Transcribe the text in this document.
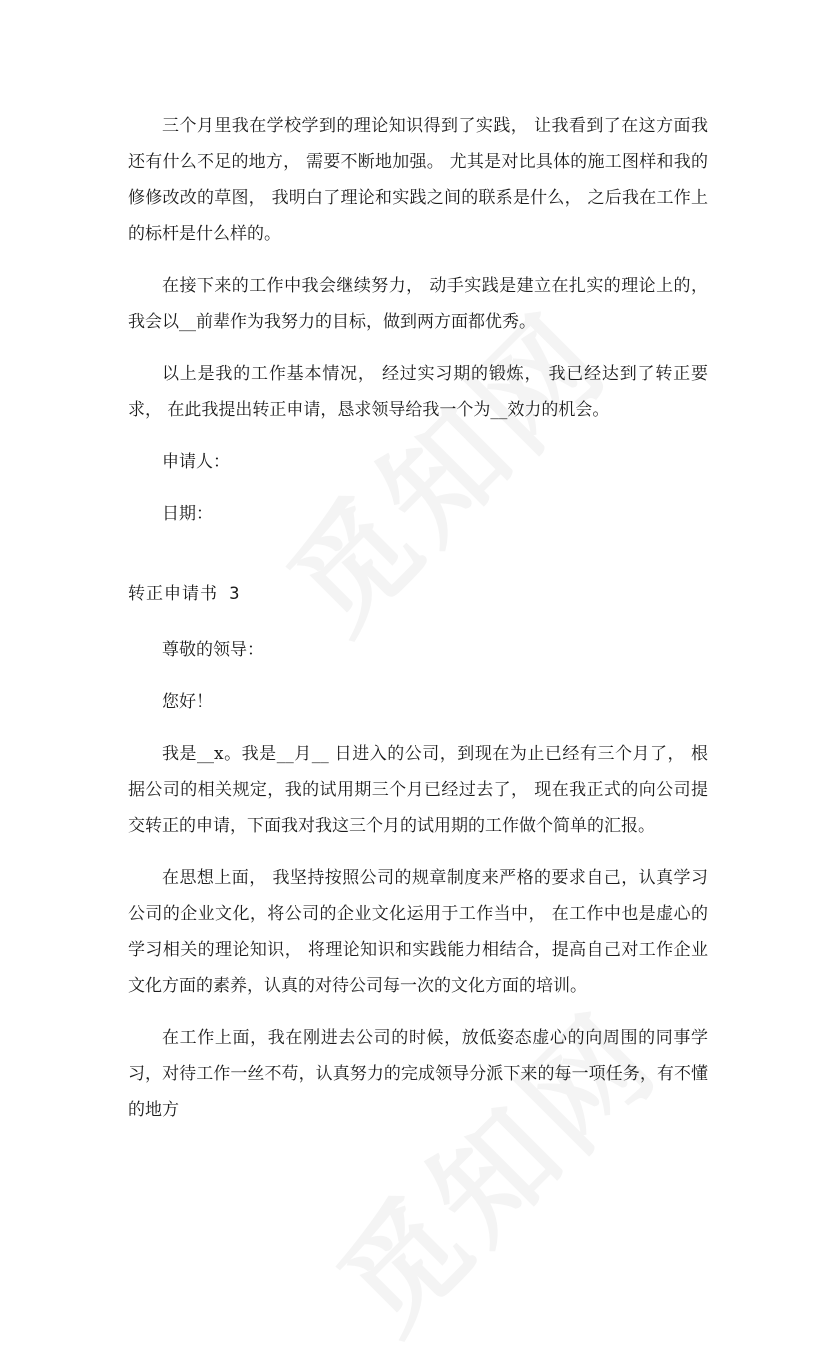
三个月里我在学校学到的理论知识得到了实践， 让我看到了在这方面我还有什么不足的地方， 需要不断地加强。 尤其是对比具体的施工图样和我的修修改改的草图， 我明白了理论和实践之间的联系是什么， 之后我在工作上的标杆是什么样的。

在接下来的工作中我会继续努力， 动手实践是建立在扎实的理论上的， 我会以__前辈作为我努力的目标，做到两方面都优秀。

以上是我的工作基本情况， 经过实习期的锻炼， 我已经达到了转正要求， 在此我提出转正申请，恳求领导给我一个为__效力的机会。

申请人：

日期：

转正申请书 3

尊敬的领导：

您好！

我是__x。我是__月__ 日进入的公司，到现在为止已经有三个月了， 根据公司的相关规定，我的试用期三个月已经过去了， 现在我正式的向公司提交转正的申请，下面我对我这三个月的试用期的工作做个简单的汇报。

在思想上面， 我坚持按照公司的规章制度来严格的要求自己，认真学习公司的企业文化，将公司的企业文化运用于工作当中， 在工作中也是虚心的学习相关的理论知识， 将理论知识和实践能力相结合，提高自己对工作企业文化方面的素养，认真的对待公司每一次的文化方面的培训。

在工作上面，我在刚进去公司的时候，放低姿态虚心的向周围的同事学习，对待工作一丝不苟，认真努力的完成领导分派下来的每一项任务，有不懂的地方
